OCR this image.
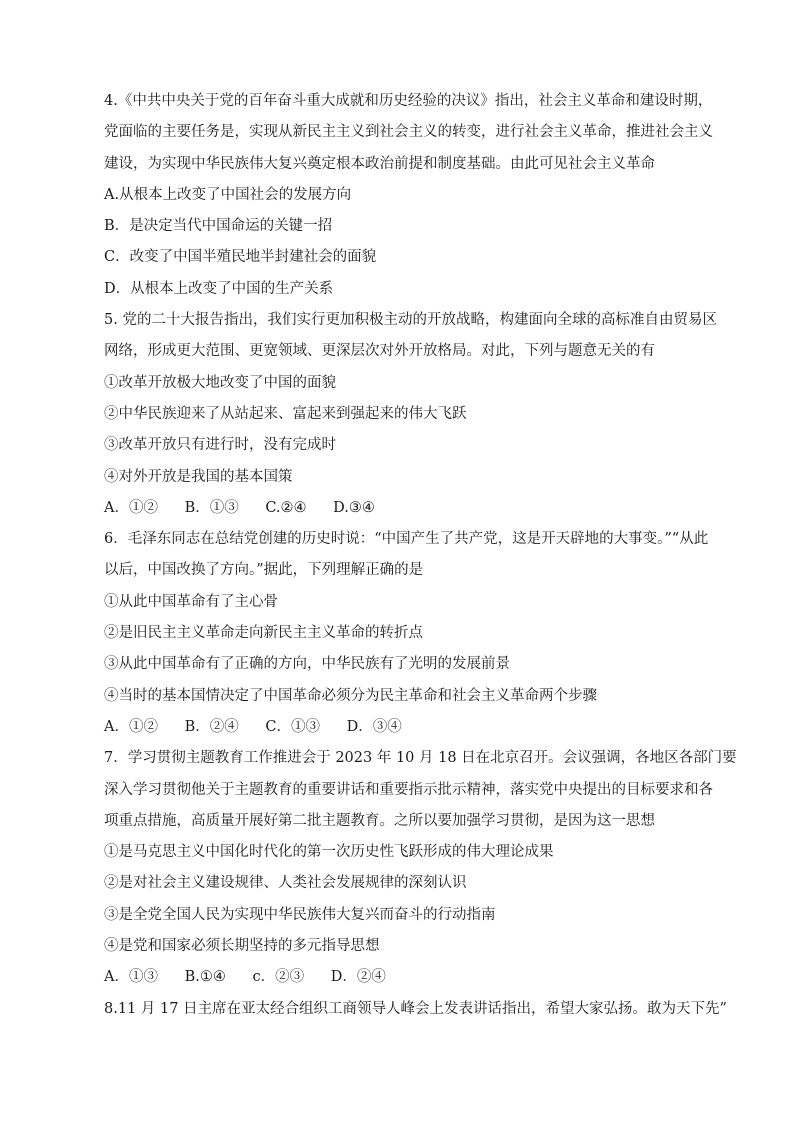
4.《中共中央关于党的百年奋斗重大成就和历史经验的决议》指出，社会主义革命和建设时期，
党面临的主要任务是，实现从新民主主义到社会主义的转变，进行社会主义革命，推进社会主义
建设，为实现中华民族伟大复兴奠定根本政治前提和制度基础。由此可见社会主义革命
A.从根本上改变了中国社会的发展方向
B．是决定当代中国命运的关键一招
C．改变了中国半殖民地半封建社会的面貌
D．从根本上改变了中国的生产关系
5. 党的二十大报告指出，我们实行更加积极主动的开放战略，构建面向全球的高标准自由贸易区
网络，形成更大范围、更宽领域、更深层次对外开放格局。对此，下列与题意无关的有
①改革开放极大地改变了中国的面貌
②中华民族迎来了从站起来、富起来到强起来的伟大飞跃
③改革开放只有进行时，没有完成时
④对外开放是我国的基本国策
A．①② B．①③ C.②④ D.③④
6．毛泽东同志在总结党创建的历史时说：“中国产生了共产党，这是开天辟地的大事变。”“从此
以后，中国改换了方向。”据此，下列理解正确的是
①从此中国革命有了主心骨
②是旧民主主义革命走向新民主主义革命的转折点
③从此中国革命有了正确的方向，中华民族有了光明的发展前景
④当时的基本国情决定了中国革命必须分为民主革命和社会主义革命两个步骤
A．①② B．②④ C．①③ D．③④
7．学习贯彻主题教育工作推进会于 2023 年 10 月 18 日在北京召开。会议强调，各地区各部门要
深入学习贯彻他关于主题教育的重要讲话和重要指示批示精神，落实党中央提出的目标要求和各
项重点措施，高质量开展好第二批主题教育。之所以要加强学习贯彻，是因为这一思想
①是马克思主义中国化时代化的第一次历史性飞跃形成的伟大理论成果
②是对社会主义建设规律、人类社会发展规律的深刻认识
③是全党全国人民为实现中华民族伟大复兴而奋斗的行动指南
④是党和国家必须长期坚持的多元指导思想
A．①③ B.①④ c．②③ D．②④
8.11 月 17 日主席在亚太经合组织工商领导人峰会上发表讲话指出，希望大家弘扬。敢为天下先”
